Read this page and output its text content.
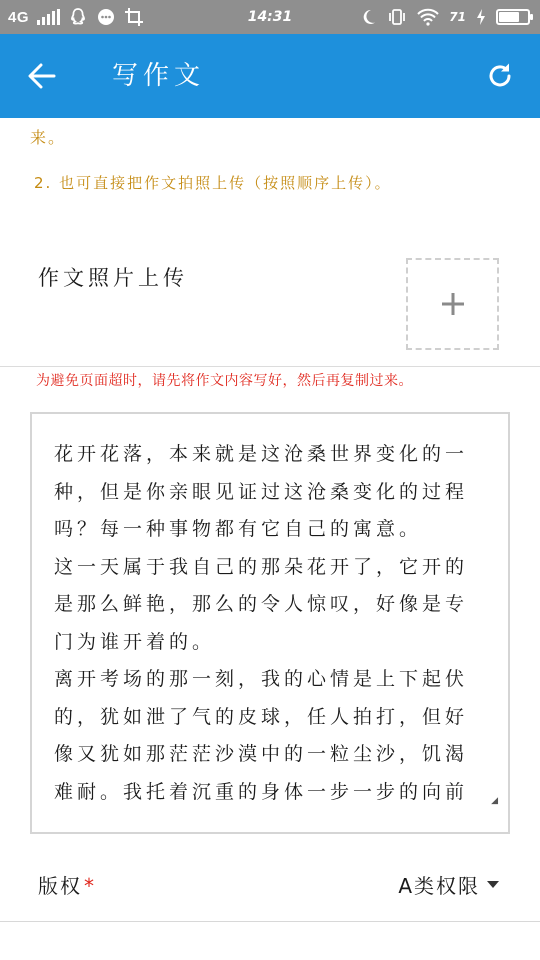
4G	14:31	71
写作文
来。
2. 也可直接把作文拍照上传（按照顺序上传）。
作文照片上传
为避免页面超时，请先将作文内容写好，然后再复制过来。
花开花落，本来就是这沧桑世界变化的一种，但是你亲眼见证过这沧桑变化的过程吗？每一种事物都有它自己的寓意。
这一天属于我自己的那朵花开了，它开的是那么鲜艳，那么的令人惊叹，好像是专门为谁开着的。
离开考场的那一刻，我的心情是上下起伏的，犹如泄了气的皮球，任人拍打，但好像又犹如那茫茫沙漠中的一粒尘沙，饥渴难耐。我托着沉重的身体一步一步的向前	◢
版权 *	A类权限
